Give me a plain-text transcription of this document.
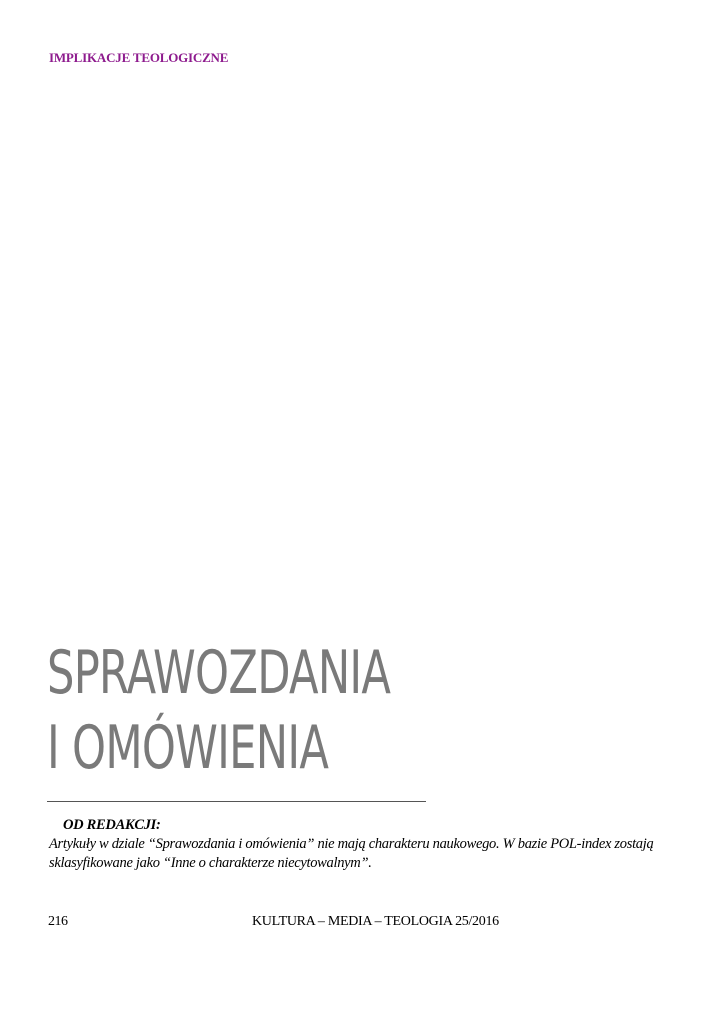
IMPLIKACJE TEOLOGICZNE
SPRAWOZDANIA
I OMÓWIENIA
OD REDAKCJI:
Artykuły w dziale “Sprawozdania i omówienia” nie mają charakteru naukowego. W bazie POL-index zostają sklasyfikowane jako “Inne o charakterze niecytowalnym”.
216	KULTURA – MEDIA – TEOLOGIA 25/2016
